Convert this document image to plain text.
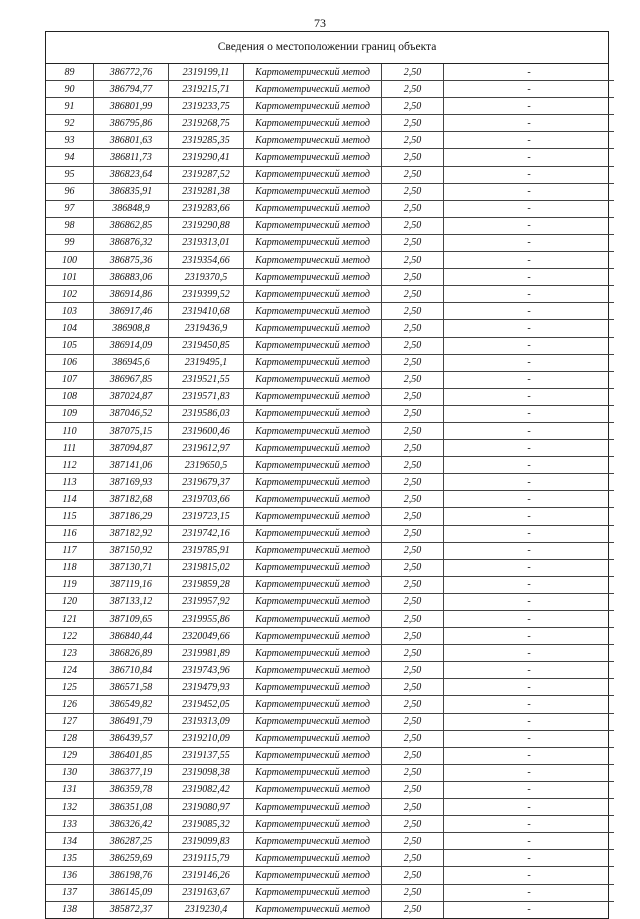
73
Сведения о местоположении границ объекта
89	386772,76	2319199,11	Картометрический метод	2,50	-
90	386794,77	2319215,71	Картометрический метод	2,50	-
91	386801,99	2319233,75	Картометрический метод	2,50	-
92	386795,86	2319268,75	Картометрический метод	2,50	-
93	386801,63	2319285,35	Картометрический метод	2,50	-
94	386811,73	2319290,41	Картометрический метод	2,50	-
95	386823,64	2319287,52	Картометрический метод	2,50	-
96	386835,91	2319281,38	Картометрический метод	2,50	-
97	386848,9	2319283,66	Картометрический метод	2,50	-
98	386862,85	2319290,88	Картометрический метод	2,50	-
99	386876,32	2319313,01	Картометрический метод	2,50	-
100	386875,36	2319354,66	Картометрический метод	2,50	-
101	386883,06	2319370,5	Картометрический метод	2,50	-
102	386914,86	2319399,52	Картометрический метод	2,50	-
103	386917,46	2319410,68	Картометрический метод	2,50	-
104	386908,8	2319436,9	Картометрический метод	2,50	-
105	386914,09	2319450,85	Картометрический метод	2,50	-
106	386945,6	2319495,1	Картометрический метод	2,50	-
107	386967,85	2319521,55	Картометрический метод	2,50	-
108	387024,87	2319571,83	Картометрический метод	2,50	-
109	387046,52	2319586,03	Картометрический метод	2,50	-
110	387075,15	2319600,46	Картометрический метод	2,50	-
111	387094,87	2319612,97	Картометрический метод	2,50	-
112	387141,06	2319650,5	Картометрический метод	2,50	-
113	387169,93	2319679,37	Картометрический метод	2,50	-
114	387182,68	2319703,66	Картометрический метод	2,50	-
115	387186,29	2319723,15	Картометрический метод	2,50	-
116	387182,92	2319742,16	Картометрический метод	2,50	-
117	387150,92	2319785,91	Картометрический метод	2,50	-
118	387130,71	2319815,02	Картометрический метод	2,50	-
119	387119,16	2319859,28	Картометрический метод	2,50	-
120	387133,12	2319957,92	Картометрический метод	2,50	-
121	387109,65	2319955,86	Картометрический метод	2,50	-
122	386840,44	2320049,66	Картометрический метод	2,50	-
123	386826,89	2319981,89	Картометрический метод	2,50	-
124	386710,84	2319743,96	Картометрический метод	2,50	-
125	386571,58	2319479,93	Картометрический метод	2,50	-
126	386549,82	2319452,05	Картометрический метод	2,50	-
127	386491,79	2319313,09	Картометрический метод	2,50	-
128	386439,57	2319210,09	Картометрический метод	2,50	-
129	386401,85	2319137,55	Картометрический метод	2,50	-
130	386377,19	2319098,38	Картометрический метод	2,50	-
131	386359,78	2319082,42	Картометрический метод	2,50	-
132	386351,08	2319080,97	Картометрический метод	2,50	-
133	386326,42	2319085,32	Картометрический метод	2,50	-
134	386287,25	2319099,83	Картометрический метод	2,50	-
135	386259,69	2319115,79	Картометрический метод	2,50	-
136	386198,76	2319146,26	Картометрический метод	2,50	-
137	386145,09	2319163,67	Картометрический метод	2,50	-
138	385872,37	2319230,4	Картометрический метод	2,50	-
